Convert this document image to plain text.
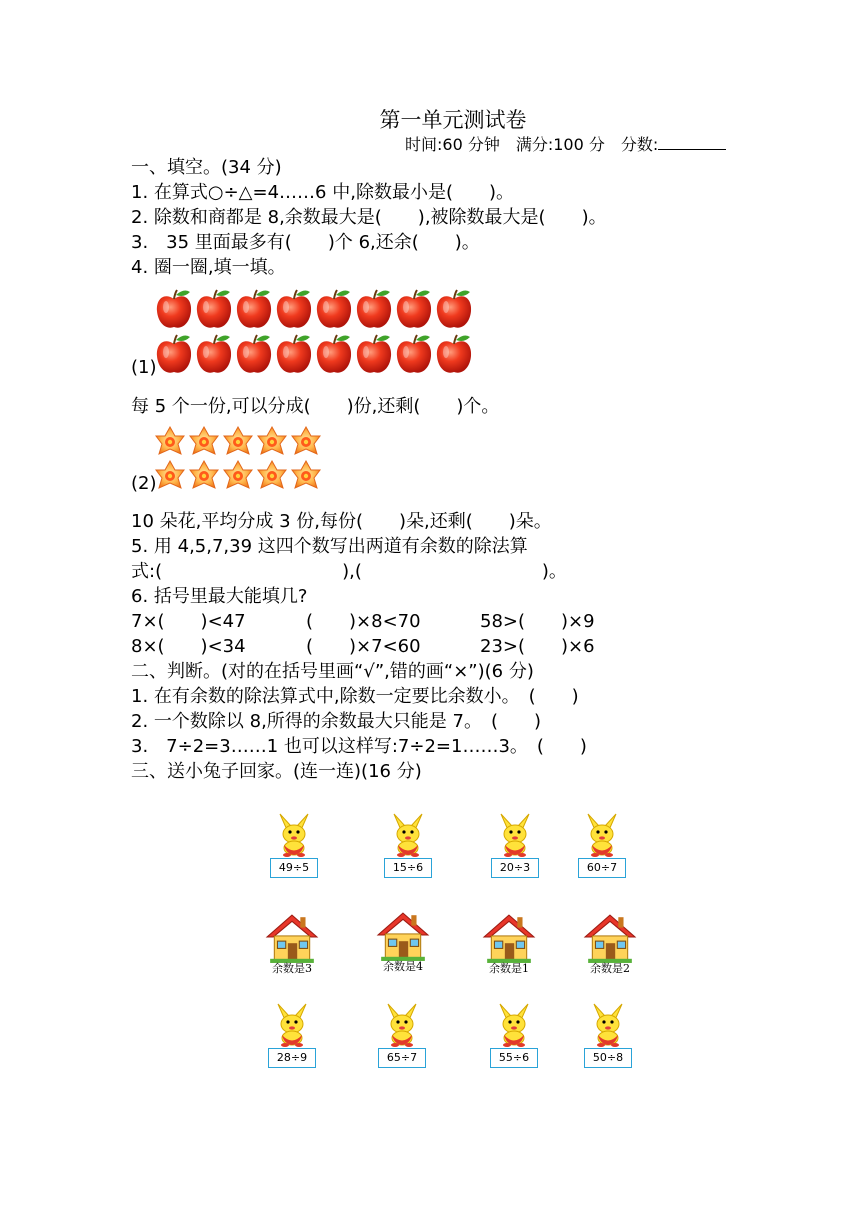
第一单元测试卷
时间:60 分钟　满分:100 分　分数:
一、填空。(34 分)
1. 在算式○÷△=4……6 中,除数最小是(　　)。
2. 除数和商都是 8,余数最大是(　　),被除数最大是(　　)。
3.　35 里面最多有(　　)个 6,还余(　　)。
4. 圈一圈,填一填。
(1)
每 5 个一份,可以分成(　　)份,还剩(　　)个。
(2)
10 朵花,平均分成 3 份,每份(　　)朵,还剩(　　)朵。
5. 用 4,5,7,39 这四个数写出两道有余数的除法算
式:(　　　　　　　　　　),(　　　　　　　　　　)。
6. 括号里最大能填几?
7×(　　)<47	(　　)×8<70	58>(　　)×9
8×(　　)<34	(　　)×7<60	23>(　　)×6
二、判断。(对的在括号里画“√”,错的画“×”)(6 分)
1. 在有余数的除法算式中,除数一定要比余数小。　(　　)
2. 一个数除以 8,所得的余数最大只能是 7。　(　　)
3.　7÷2=3……1 也可以这样写:7÷2=1……3。　(　　)
三、送小兔子回家。(连一连)(16 分)
49÷5	15÷6	20÷3	60÷7
余数是3	余数是4	余数是1	余数是2
28÷9	65÷7	55÷6	50÷8
